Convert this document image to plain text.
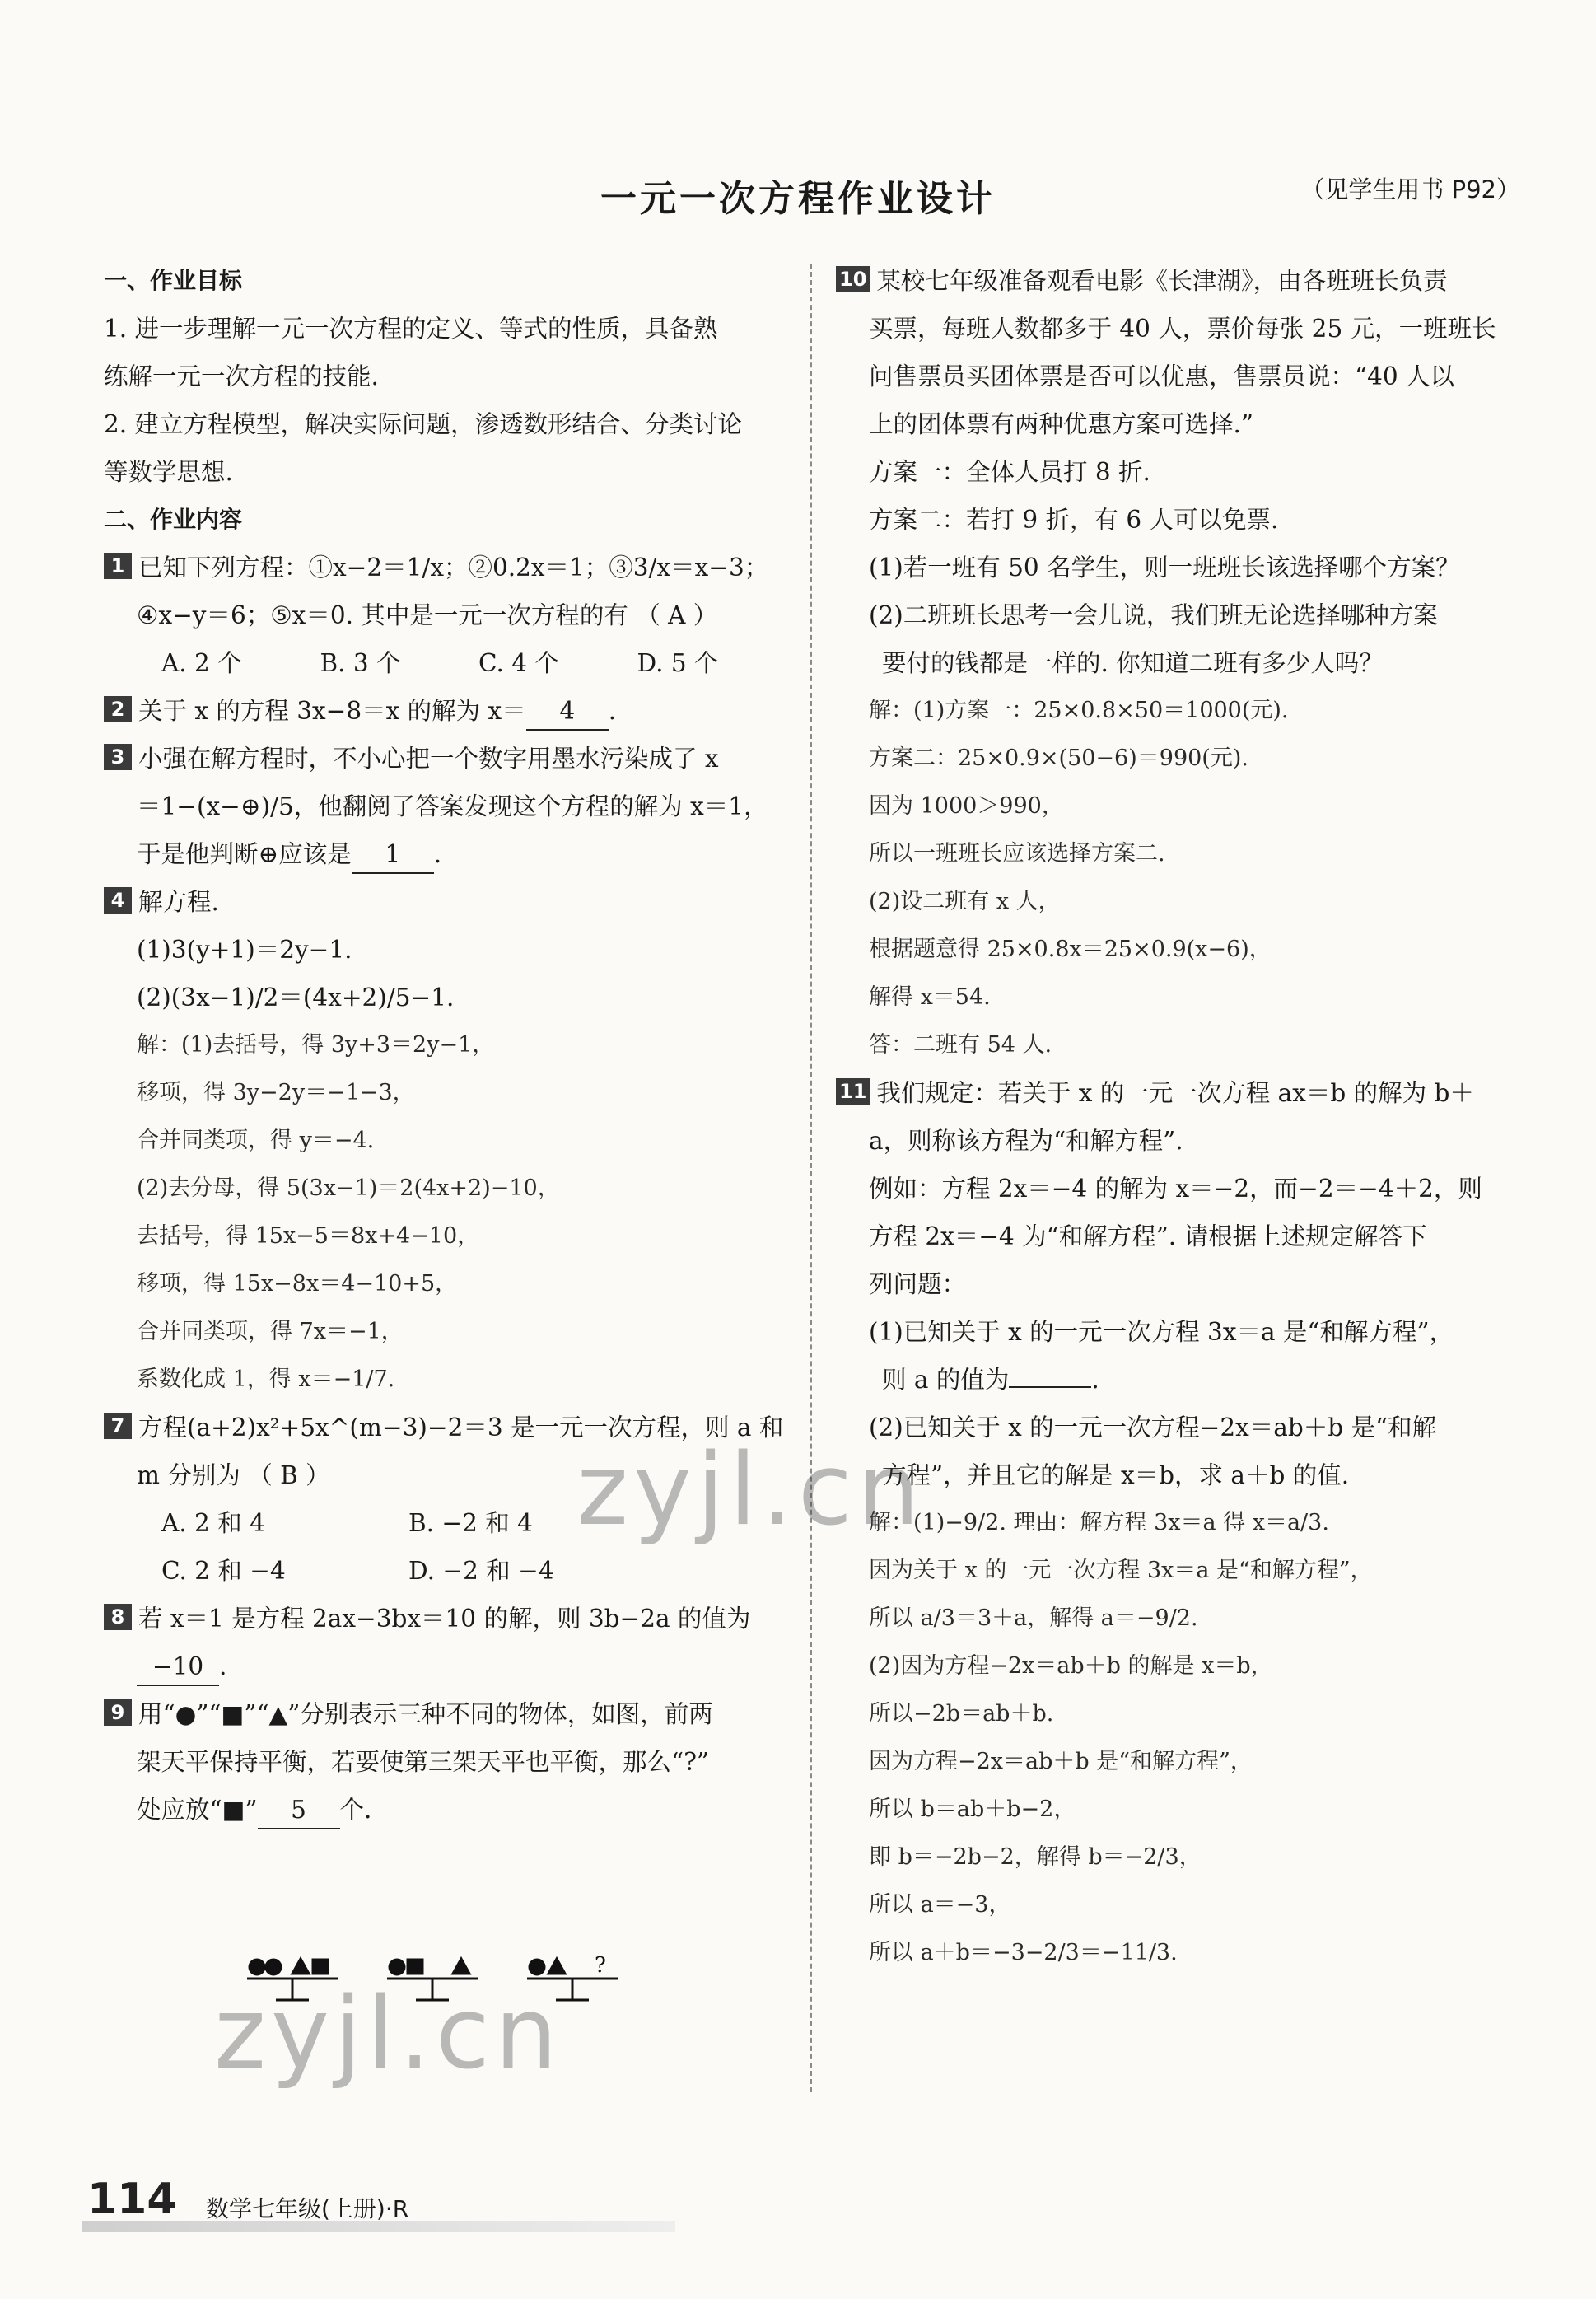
一元一次方程作业设计	（见学生用书 P92）
一、作业目标
1. 进一步理解一元一次方程的定义、等式的性质，具备熟
练解一元一次方程的技能.
2. 建立方程模型，解决实际问题，渗透数形结合、分类讨论
等数学思想.
二、作业内容
1 已知下列方程：①x−2＝1/x；②0.2x＝1；③3/x＝x−3；
④x−y＝6；⑤x＝0. 其中是一元一次方程的有 （ A ）
A. 2 个	B. 3 个	C. 4 个	D. 5 个
2 关于 x 的方程 3x−8＝x 的解为 x＝ 4 .
3 小强在解方程时，不小心把一个数字用墨水污染成了 x
＝1−(x−⊕)/5，他翻阅了答案发现这个方程的解为 x＝1，
于是他判断⊕应该是 1 .
4 解方程.
(1)3(y+1)＝2y−1.
(2)(3x−1)/2＝(4x+2)/5−1.
解：(1)去括号，得 3y+3＝2y−1，
移项，得 3y−2y＝−1−3，
合并同类项，得 y＝−4.
(2)去分母，得 5(3x−1)＝2(4x+2)−10，
去括号，得 15x−5＝8x+4−10，
移项，得 15x−8x＝4−10+5，
合并同类项，得 7x＝−1，
系数化成 1，得 x＝−1/7.
7 方程(a+2)x²+5x^(m−3)−2＝3 是一元一次方程，则 a 和
m 分别为 （ B ）
A. 2 和 4	B. −2 和 4
C. 2 和 −4	D. −2 和 −4
8 若 x＝1 是方程 2ax−3bx＝10 的解，则 3b−2a 的值为
−10 .
9 用“●”“■”“▲”分别表示三种不同的物体，如图，前两
架天平保持平衡，若要使第三架天平也平衡，那么“?”
处应放“■” 5 个.
10 某校七年级准备观看电影《长津湖》，由各班班长负责
买票，每班人数都多于 40 人，票价每张 25 元，一班班长
问售票员买团体票是否可以优惠，售票员说：“40 人以
上的团体票有两种优惠方案可选择.”
方案一：全体人员打 8 折.
方案二：若打 9 折，有 6 人可以免票.
(1)若一班有 50 名学生，则一班班长该选择哪个方案？
(2)二班班长思考一会儿说，我们班无论选择哪种方案
要付的钱都是一样的. 你知道二班有多少人吗？
解：(1)方案一：25×0.8×50＝1000(元).
方案二：25×0.9×(50−6)＝990(元).
因为 1000＞990，
所以一班班长应该选择方案二.
(2)设二班有 x 人，
根据题意得 25×0.8x＝25×0.9(x−6)，
解得 x＝54.
答：二班有 54 人.
11 我们规定：若关于 x 的一元一次方程 ax＝b 的解为 b＋
a，则称该方程为“和解方程”.
例如：方程 2x＝−4 的解为 x＝−2，而−2＝−4＋2，则
方程 2x＝−4 为“和解方程”. 请根据上述规定解答下
列问题：
(1)已知关于 x 的一元一次方程 3x＝a 是“和解方程”，
则 a 的值为	.
(2)已知关于 x 的一元一次方程−2x＝ab＋b 是“和解
方程”，并且它的解是 x＝b，求 a＋b 的值.
解：(1)−9/2. 理由：解方程 3x＝a 得 x＝a/3.
因为关于 x 的一元一次方程 3x＝a 是“和解方程”，
所以 a/3＝3＋a，解得 a＝−9/2.
(2)因为方程−2x＝ab＋b 的解是 x＝b，
所以−2b＝ab＋b.
因为方程−2x＝ab＋b 是“和解方程”，
所以 b＝ab＋b−2，
即 b＝−2b−2，解得 b＝−2/3，
所以 a＝−3，
所以 a＋b＝−3−2/3＝−11/3.
?
zyjl.cn
zyjl.cn
114 数学七年级(上册)·R
